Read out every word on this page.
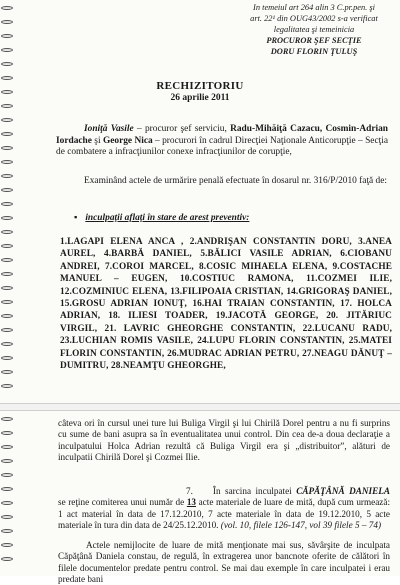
In temeiul art 264 alin 3 C.pr.pen. şi
art. 22¹ din OUG43/2002 s-a verificat
legalitatea şi temeinicia
PROCUROR ŞEF SECŢIE
DORU FLORIN ŢULUŞ
RECHIZITORIU
26 aprilie 2011
Ioniţă Vasile – procuror şef serviciu, Radu-Mihăiţă Cazacu, Cosmin-Adrian Iordache şi George Nica – procurori în cadrul Direcţiei Naţionale Anticorupţie – Secţia de combatere a infracţiunilor conexe infracţiunilor de corupţie,
Examinând actele de urmărire penală efectuate în dosarul nr. 316/P/2010 faţă de:
▪ inculpaţii aflaţi în stare de arest preventiv:
1.LAGAPI ELENA ANCA , 2.ANDRIŞAN CONSTANTIN DORU, 3.ANEA AUREL, 4.BARBĂ DANIEL, 5.BĂLICI VASILE ADRIAN, 6.CIOBANU ANDREI, 7.COROI MARCEL, 8.COSIC MIHAELA ELENA, 9.COSTACHE MANUEL – EUGEN, 10.COSTIUC RAMONA, 11.COZMEI ILIE, 12.COZMINIUC ELENA, 13.FILIPOAIA CRISTIAN, 14.GRIGORAŞ DANIEL, 15.GROSU ADRIAN IONUŢ, 16.HAI TRAIAN CONSTANTIN, 17. HOLCA ADRIAN, 18. ILIESI TOADER, 19.JACOTĂ GEORGE, 20. JITĂRIUC VIRGIL, 21. LAVRIC GHEORGHE CONSTANTIN, 22.LUCANU RADU, 23.LUCHIAN ROMIS VASILE, 24.LUPU FLORIN CONSTANTIN, 25.MATEI FLORIN CONSTANTIN, 26.MUDRAC ADRIAN PETRU, 27.NEAGU DĂNUŢ – DUMITRU, 28.NEAMŢU GHEORGHE,
câteva ori în cursul unei ture lui Buliga Virgil şi lui Chirilă Dorel pentru a nu fi surprins cu sume de bani asupra sa în eventualitatea unui control. Din cea de-a doua declaraţie a inculpatului Holca Adrian rezultă că Buliga Virgil era şi „distribuitor”, alături de inculpatii Chirilă Dorel şi Cozmei Ilie.
7. În sarcina inculpatei CĂPĂŢÂNĂ DANIELA se reţine comiterea unui număr de 13 acte materiale de luare de mită, după cum urmează: 1 act material în data de 17.12.2010, 7 acte materiale în data de 19.12.2010, 5 acte materiale în tura din data de 24/25.12.2010. (vol. 10, filele 126-147, vol 39 filele 5 – 74)
Actele nemijlocite de luare de mită menţionate mai sus, săvârşite de inculpata Căpăţână Daniela constau, de regulă, în extragerea unor bancnote oferite de călători în filele documentelor predate pentru control. Se mai dau exemple în care inculpatei i erau predate bani
